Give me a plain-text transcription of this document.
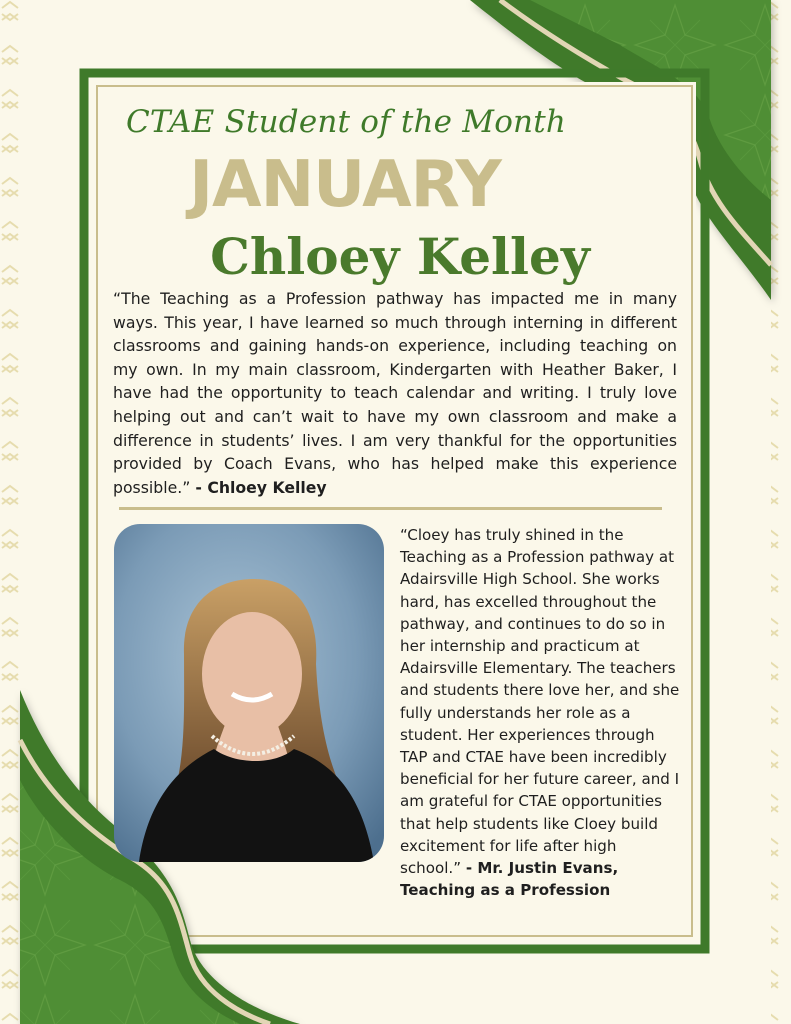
CTAE Student of the Month
JANUARY
Chloey Kelley
“The Teaching as a Profession pathway has impacted me in many ways. This year, I have learned so much through interning in different classrooms and gaining hands-on experience, including teaching on my own. In my main classroom, Kindergarten with Heather Baker, I have had the opportunity to teach calendar and writing. I truly love helping out and can’t wait to have my own classroom and make a difference in students’ lives. I am very thankful for the opportunities provided by Coach Evans, who has helped make this experience possible.” - Chloey Kelley
“Cloey has truly shined in the Teaching as a Profession pathway at Adairsville High School. She works hard, has excelled throughout the pathway, and continues to do so in her internship and practicum at Adairsville Elementary. The teachers and students there love her, and she fully understands her role as a student. Her experiences through TAP and CTAE have been incredibly beneficial for her future career, and I am grateful for CTAE opportunities that help students like Cloey build excitement for life after high school.” - Mr. Justin Evans, Teaching as a Profession
